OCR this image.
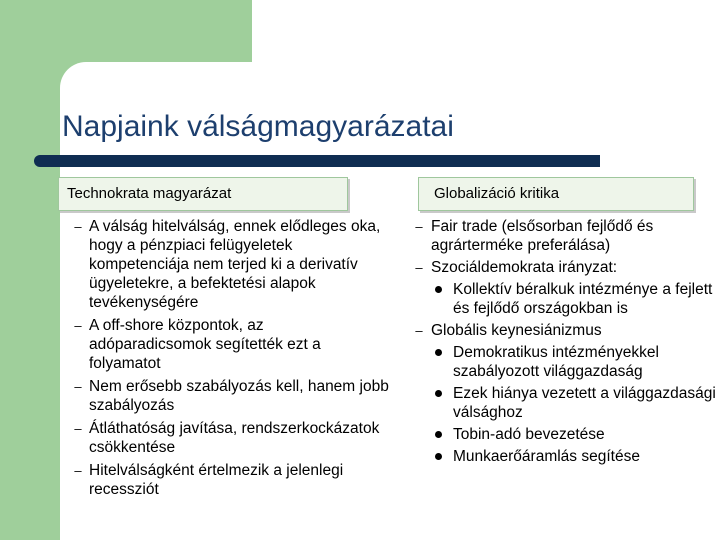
Napjaink válságmagyarázatai
Technokrata magyarázat	Globalizáció kritika
– A válság hitelválság, ennek elődleges oka, hogy a pénzpiaci felügyeletek kompetenciája nem terjed ki a derivatív ügyeletekre, a befektetési alapok tevékenységére
– A off-shore központok, az adóparadicsomok segítették ezt a folyamatot
– Nem erősebb szabályozás kell, hanem jobb szabályozás
– Átláthatóság javítása, rendszerkockázatok csökkentése
– Hitelválságként értelmezik a jelenlegi recessziót
– Fair trade (elsősorban fejlődő és agrárterméke preferálása)
– Szociáldemokrata irányzat:
Kollektív béralkuk intézménye a fejlett és fejlődő országokban is
– Globális keynesiánizmus
Demokratikus intézményekkel szabályozott világgazdaság
Ezek hiánya vezetett a világgazdasági válsághoz
Tobin-adó bevezetése
Munkaerőáramlás segítése
